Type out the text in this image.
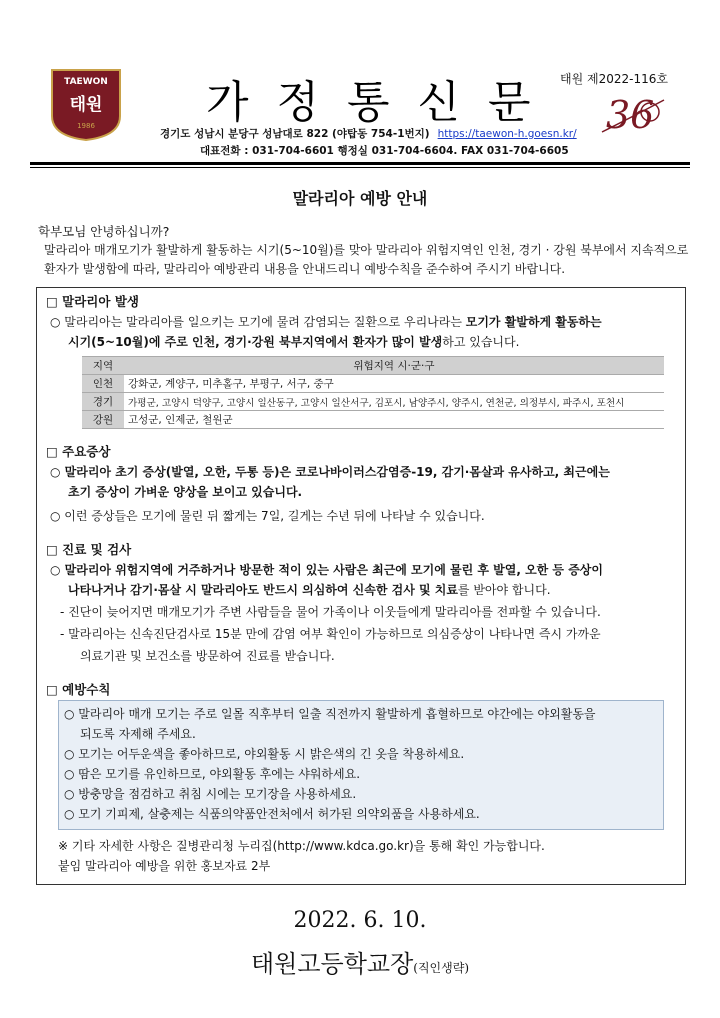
TAEWON
태원
1986	가정통신문 태원 제2022-116호
36
경기도 성남시 분당구 성남대로 822 (야탑동 754-1번지) https://taewon-h.goesn.kr/
대표전화 : 031-704-6601 행정실 031-704-6604. FAX 031-704-6605
말라리아 예방 안내
학부모님 안녕하십니까?
말라리아 매개모기가 활발하게 활동하는 시기(5~10월)를 맞아 말라리아 위험지역인 인천, 경기 · 강원 북부에서 지속적으로 환자가 발생함에 따라, 말라리아 예방관리 내용을 안내드리니 예방수칙을 준수하여 주시기 바랍니다.
□ 말라리아 발생
○ 말라리아는 말라리아를 일으키는 모기에 물려 감염되는 질환으로 우리나라는 모기가 활발하게 활동하는
시기(5~10월)에 주로 인천, 경기·강원 북부지역에서 환자가 많이 발생하고 있습니다.
지역	위험지역 시·군·구
인천	강화군, 계양구, 미추홀구, 부평구, 서구, 중구
경기	가평군, 고양시 덕양구, 고양시 일산동구, 고양시 일산서구, 김포시, 남양주시, 양주시, 연천군, 의정부시, 파주시, 포천시
강원	고성군, 인제군, 철원군
□ 주요증상
○ 말라리아 초기 증상(발열, 오한, 두통 등)은 코로나바이러스감염증-19, 감기·몸살과 유사하고, 최근에는
초기 증상이 가벼운 양상을 보이고 있습니다.
○ 이런 증상들은 모기에 물린 뒤 짧게는 7일, 길게는 수년 뒤에 나타날 수 있습니다.
□ 진료 및 검사
○ 말라리아 위험지역에 거주하거나 방문한 적이 있는 사람은 최근에 모기에 물린 후 발열, 오한 등 증상이
나타나거나 감기·몸살 시 말라리아도 반드시 의심하여 신속한 검사 및 치료를 받아야 합니다.
- 진단이 늦어지면 매개모기가 주변 사람들을 물어 가족이나 이웃들에게 말라리아를 전파할 수 있습니다.
- 말라리아는 신속진단검사로 15분 만에 감염 여부 확인이 가능하므로 의심증상이 나타나면 즉시 가까운
의료기관 및 보건소를 방문하여 진료를 받습니다.
□ 예방수칙
○ 말라리아 매개 모기는 주로 일몰 직후부터 일출 직전까지 활발하게 흡혈하므로 야간에는 야외활동을
되도록 자제해 주세요.
○ 모기는 어두운색을 좋아하므로, 야외활동 시 밝은색의 긴 옷을 착용하세요.
○ 땀은 모기를 유인하므로, 야외활동 후에는 샤워하세요.
○ 방충망을 점검하고 취침 시에는 모기장을 사용하세요.
○ 모기 기피제, 살충제는 식품의약품안전처에서 허가된 의약외품을 사용하세요.
※ 기타 자세한 사항은 질병관리청 누리집(http://www.kdca.go.kr)을 통해 확인 가능합니다.
붙임 말라리아 예방을 위한 홍보자료 2부
2022. 6. 10.
태원고등학교장(직인생략)
